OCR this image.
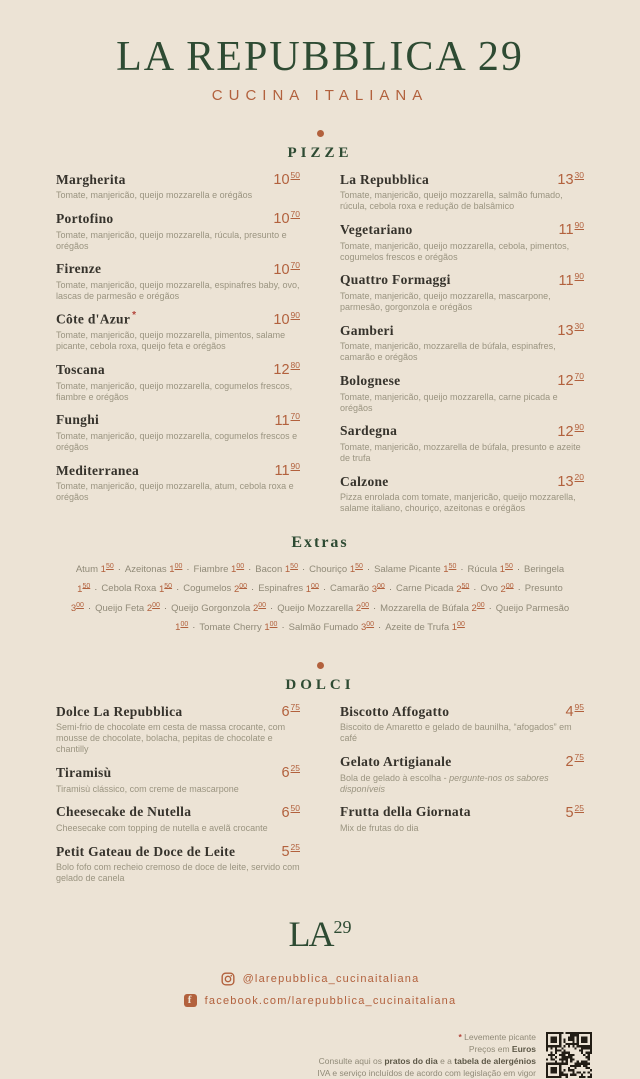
LA REPUBBLICA 29
CUCINA ITALIANA
PIZZE
Margherita	$10^{50}$
Tomate, manjericão, queijo mozzarella e orégãos
Portofino	$10^{70}$
Tomate, manjericão, queijo mozzarella, rúcula, presunto e orégãos
Firenze	$10^{70}$
Tomate, manjericão, queijo mozzarella, espinafres baby, ovo, lascas de parmesão e orégãos
Côte d'Azur *	$10^{90}$
Tomate, manjericão, queijo mozzarella, pimentos, salame picante, cebola roxa, queijo feta e orégãos
Toscana	$12^{80}$
Tomate, manjericão, queijo mozzarella, cogumelos frescos, fiambre e orégãos
Funghi	$11^{70}$
Tomate, manjericão, queijo mozzarella, cogumelos frescos e orégãos
Mediterranea	$11^{90}$
Tomate, manjericão, queijo mozzarella, atum, cebola roxa e orégãos
La Repubblica	$13^{30}$
Tomate, manjericão, queijo mozzarella, salmão fumado, rúcula, cebola roxa e redução de balsâmico
Vegetariano	$11^{90}$
Tomate, manjericão, queijo mozzarella, cebola, pimentos, cogumelos frescos e orégãos
Quattro Formaggi	$11^{90}$
Tomate, manjericão, queijo mozzarella, mascarpone, parmesão, gorgonzola e orégãos
Gamberi	$13^{30}$
Tomate, manjericão, mozzarella de búfala, espinafres, camarão e orégãos
Bolognese	$12^{70}$
Tomate, manjericão, queijo mozzarella, carne picada e orégãos
Sardegna	$12^{90}$
Tomate, manjericão, mozzarella de búfala, presunto e azeite de trufa
Calzone	$13^{20}$
Pizza enrolada com tomate, manjericão, queijo mozzarella, salame italiano, chouriço, azeitonas e orégãos
Extras
Atum $1^{50}$ · Azeitonas $1^{00}$ · Fiambre $1^{00}$ · Bacon $1^{50}$ · Chouriço $1^{50}$ · Salame Picante $1^{50}$ · Rúcula $1^{50}$ · Beringela $1^{50}$ · Cebola Roxa $1^{50}$ · Cogumelos $2^{00}$ · Espinafres $1^{00}$ · Camarão $3^{00}$ · Carne Picada $2^{50}$ · Ovo $2^{00}$ · Presunto $3^{00}$ · Queijo Feta $2^{00}$ · Queijo Gorgonzola $2^{00}$ · Queijo Mozzarella $2^{00}$ · Mozzarella de Búfala $2^{00}$ · Queijo Parmesão $1^{00}$ · Tomate Cherry $1^{00}$ · Salmão Fumado $3^{00}$ · Azeite de Trufa $1^{00}$
DOLCI
Dolce La Repubblica	$6^{75}$
Semi-frio de chocolate em cesta de massa crocante, com mousse de chocolate, bolacha, pepitas de chocolate e chantilly
Tiramisù	$6^{25}$
Tiramisù clássico, com creme de mascarpone
Cheesecake de Nutella	$6^{50}$
Cheesecake com topping de nutella e avelã crocante
Petit Gateau de Doce de Leite	$5^{25}$
Bolo fofo com recheio cremoso de doce de leite, servido com gelado de canela
Biscotto Affogatto	$4^{95}$
Biscoito de Amaretto e gelado de baunilha, “afogados” em café
Gelato Artigianale	$2^{75}$
Bola de gelado à escolha - pergunte-nos os sabores disponíveis
Frutta della Giornata	$5^{25}$
Mix de frutas do dia
LA$^{29}$
@larepubblica_cucinaitaliana
f	facebook.com/larepubblica_cucinaitaliana
* Levemente picante
Preços em Euros
Consulte aqui os pratos do dia e a tabela de alergénios
IVA e serviço incluídos de acordo com legislação em vigor
